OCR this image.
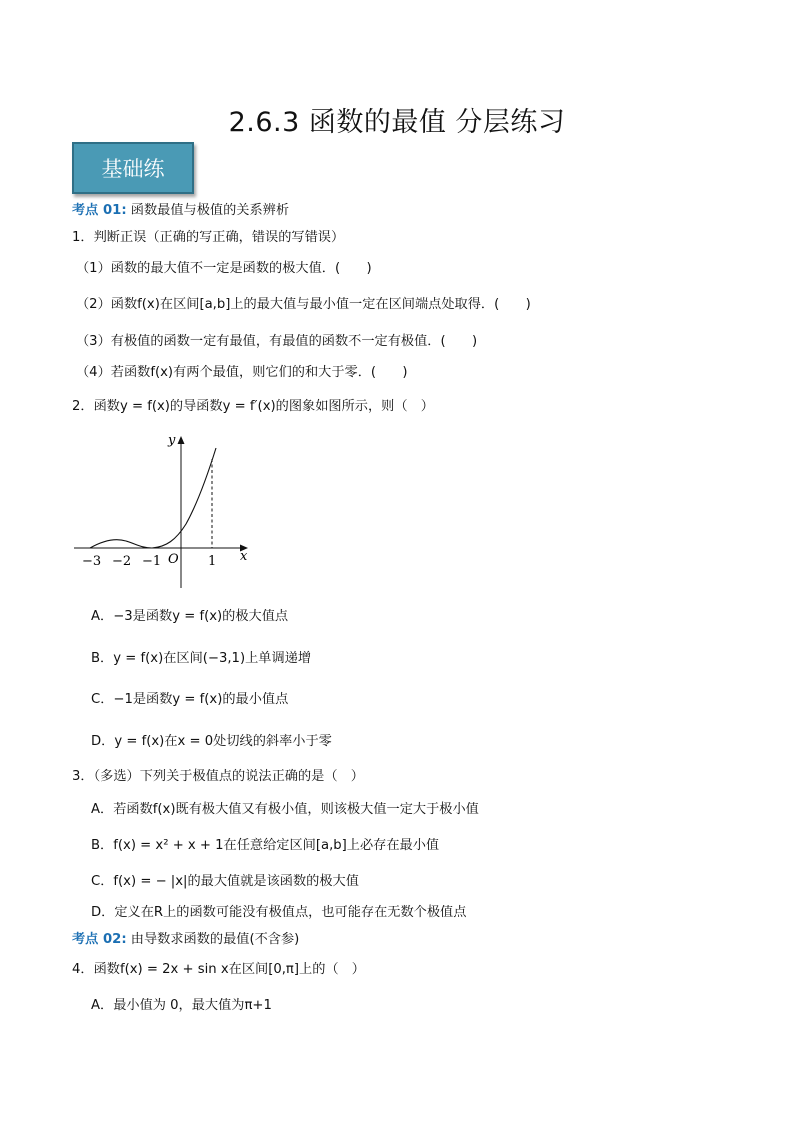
2.6.3 函数的最值 分层练习
基础练
考点 01: 函数最值与极值的关系辨析
1．判断正误（正确的写正确，错误的写错误）
（1）函数的最大值不一定是函数的极大值．(　　)
（2）函数f(x)在区间[a,b]上的最大值与最小值一定在区间端点处取得．(　　)
（3）有极值的函数一定有最值，有最值的函数不一定有极值．(　　)
（4）若函数f(x)有两个最值，则它们的和大于零．(　　)
2．函数y = f(x)的导函数y = f′(x)的图象如图所示，则（　）
y
x
O
−3 −2 −1	1
A．−3是函数y = f(x)的极大值点
B．y = f(x)在区间(−3,1)上单调递增
C．−1是函数y = f(x)的最小值点
D．y = f(x)在x = 0处切线的斜率小于零
3．（多选）下列关于极值点的说法正确的是（　）
A．若函数f(x)既有极大值又有极小值，则该极大值一定大于极小值
B．f(x) = x² + x + 1在任意给定区间[a,b]上必存在最小值
C．f(x) = − |x|的最大值就是该函数的极大值
D．定义在R上的函数可能没有极值点，也可能存在无数个极值点
考点 02: 由导数求函数的最值(不含参)
4．函数f(x) = 2x + sin x在区间[0,π]上的（　）
A．最小值为 0，最大值为π+1
